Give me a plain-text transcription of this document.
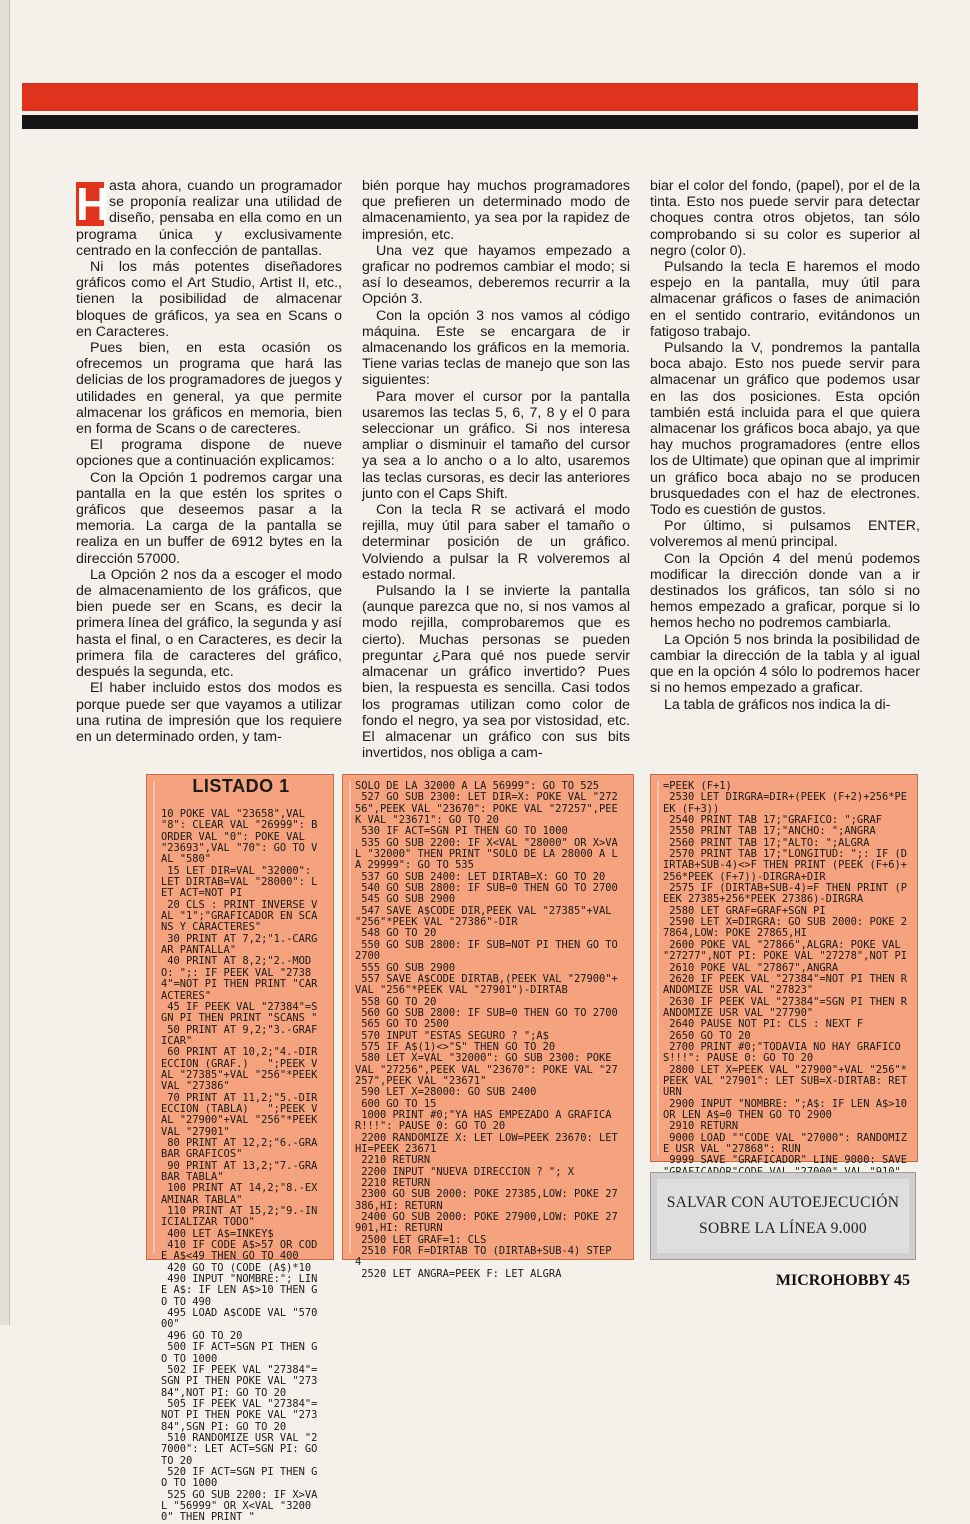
H asta ahora, cuando un programador se proponía realizar una utilidad de diseño, pensaba en ella como en un programa única y exclusivamente centrado en la confección de pantallas.

Ni los más potentes diseñadores gráficos como el Art Studio, Artist II, etc., tienen la posibilidad de almacenar bloques de gráficos, ya sea en Scans o en Caracteres.

Pues bien, en esta ocasión os ofrecemos un programa que hará las delicias de los programadores de juegos y utilidades en general, ya que permite almacenar los gráficos en memoria, bien en forma de Scans o de carecteres.

El programa dispone de nueve opciones que a continuación explicamos:

Con la Opción 1 podremos cargar una pantalla en la que estén los sprites o gráficos que deseemos pasar a la memoria. La carga de la pantalla se realiza en un buffer de 6912 bytes en la dirección 57000.

La Opción 2 nos da a escoger el modo de almacenamiento de los gráficos, que bien puede ser en Scans, es decir la primera línea del gráfico, la segunda y así hasta el final, o en Caracteres, es decir la primera fila de caracteres del gráfico, después la segunda, etc.

El haber incluido estos dos modos es porque puede ser que vayamos a utilizar una rutina de impresión que los requiere en un determinado orden, y tam-

bién porque hay muchos programadores que prefieren un determinado modo de almacenamiento, ya sea por la rapidez de impresión, etc.

Una vez que hayamos empezado a graficar no podremos cambiar el modo; si así lo deseamos, deberemos recurrir a la Opción 3.

Con la opción 3 nos vamos al código máquina. Este se encargara de ir almacenando los gráficos en la memoria. Tiene varias teclas de manejo que son las siguientes:

Para mover el cursor por la pantalla usaremos las teclas 5, 6, 7, 8 y el 0 para seleccionar un gráfico. Si nos interesa ampliar o disminuir el tamaño del cursor ya sea a lo ancho o a lo alto, usaremos las teclas cursoras, es decir las anteriores junto con el Caps Shift.

Con la tecla R se activará el modo rejilla, muy útil para saber el tamaño o determinar posición de un gráfico. Volviendo a pulsar la R volveremos al estado normal.

Pulsando la I se invierte la pantalla (aunque parezca que no, si nos vamos al modo rejilla, comprobaremos que es cierto). Muchas personas se pueden preguntar ¿Para qué nos puede servir almacenar un gráfico invertido? Pues bien, la respuesta es sencilla. Casi todos los programas utilizan como color de fondo el negro, ya sea por vistosidad, etc. El almacenar un gráfico con sus bits invertidos, nos obliga a cam-

biar el color del fondo, (papel), por el de la tinta. Esto nos puede servir para detectar choques contra otros objetos, tan sólo comprobando si su color es superior al negro (color 0).

Pulsando la tecla E haremos el modo espejo en la pantalla, muy útil para almacenar gráficos o fases de animación en el sentido contrario, evitándonos un fatigoso trabajo.

Pulsando la V, pondremos la pantalla boca abajo. Esto nos puede servir para almacenar un gráfico que podemos usar en las dos posiciones. Esta opción también está incluida para el que quiera almacenar los gráficos boca abajo, ya que hay muchos programadores (entre ellos los de Ultimate) que opinan que al imprimir un gráfico boca abajo no se producen brusquedades con el haz de electrones. Todo es cuestión de gustos.

Por último, si pulsamos ENTER, volveremos al menú principal.

Con la Opción 4 del menú podemos modificar la dirección donde van a ir destinados los gráficos, tan sólo si no hemos empezado a graficar, porque si lo hemos hecho no podremos cambiarla.

La Opción 5 nos brinda la posibilidad de cambiar la dirección de la tabla y al igual que en la opción 4 sólo lo podremos hacer si no hemos empezado a graficar.

La tabla de gráficos nos indica la di-

LISTADO 1
10 POKE VAL "23658",VAL "8": CLEAR VAL "26999": BORDER VAL "0": POKE VAL "23693",VAL "70": GO TO VAL "580"
15 LET DIR=VAL "32000": LET DIRTAB=VAL "28000": LET ACT=NOT PI
20 CLS : PRINT INVERSE VAL "1";"GRAFICADOR EN SCANS Y CARACTERES"
30 PRINT AT 7,2;"1.-CARGAR PANTALLA"
40 PRINT AT 8,2;"2.-MODO: ";: IF PEEK VAL "27384"=NOT PI THEN PRINT "CARACTERES"
45 IF PEEK VAL "27384"=SGN PI THEN PRINT "SCANS "
50 PRINT AT 9,2;"3.-GRAFICAR"
60 PRINT AT 10,2;"4.-DIRECCION (GRAF.)   ";PEEK VAL "27385"+VAL "256"*PEEK VAL "27386"
70 PRINT AT 11,2;"5.-DIRECCION (TABLA)   ";PEEK VAL "27900"+VAL "256"*PEEK VAL "27901"
80 PRINT AT 12,2;"6.-GRABAR GRAFICOS"
90 PRINT AT 13,2;"7.-GRABAR TABLA"
100 PRINT AT 14,2;"8.-EXAMINAR TABLA"
110 PRINT AT 15,2;"9.-INICIALIZAR TODO"
400 LET A$=INKEY$
410 IF CODE A$>57 OR CODE A$<49 THEN GO TO 400
420 GO TO (CODE (A$)*10
490 INPUT "NOMBRE:"; LINE A$: IF LEN A$>10 THEN GO TO 490
495 LOAD A$CODE VAL "57000"
496 GO TO 20
500 IF ACT=SGN PI THEN GO TO 1000
502 IF PEEK VAL "27384"=SGN PI THEN POKE VAL "27384",NOT PI: GO TO 20
505 IF PEEK VAL "27384"=NOT PI THEN POKE VAL "27384",SGN PI: GO TO 20
510 RANDOMIZE USR VAL "27000": LET ACT=SGN PI: GO TO 20
520 IF ACT=SGN PI THEN GO TO 1000
525 GO SUB 2200: IF X>VAL "56999" OR X<VAL "32000" THEN PRINT "
SOLO DE LA 32000 A LA 56999": GO TO 525
527 GO SUB 2300: LET DIR=X: POKE VAL "27256",PEEK VAL "23670": POKE VAL "27257",PEEK VAL "23671": GO TO 20
530 IF ACT=SGN PI THEN GO TO 1000
535 GO SUB 2200: IF X<VAL "28000" OR X>VAL "32000" THEN PRINT "SOLO DE LA 28000 A LA 29999": GO TO 535
537 GO SUB 2400: LET DIRTAB=X: GO TO 20
540 GO SUB 2800: IF SUB=0 THEN GO TO 2700
545 GO SUB 2900
547 SAVE A$CODE DIR,PEEK VAL "27385"+VAL "256"*PEEK VAL "27386"-DIR
548 GO TO 20
550 GO SUB 2800: IF SUB=NOT PI THEN GO TO 2700
555 GO SUB 2900
557 SAVE A$CODE DIRTAB,(PEEK VAL "27900"+VAL "256"*PEEK VAL "27901")-DIRTAB
558 GO TO 20
560 GO SUB 2800: IF SUB=0 THEN GO TO 2700
565 GO TO 2500
570 INPUT "ESTAS SEGURO ? ";A$
575 IF A$(1)<>"S" THEN GO TO 20
580 LET X=VAL "32000": GO SUB 2300: POKE VAL "27256",PEEK VAL "23670": POKE VAL "27257",PEEK VAL "23671"
590 LET X=28000: GO SUB 2400
600 GO TO 15
1000 PRINT #0;"YA HAS EMPEZADO A GRAFICAR!!!": PAUSE 0: GO TO 20
2200 RANDOMIZE X: LET LOW=PEEK 23670: LET HI=PEEK 23671
2210 RETURN
2200 INPUT "NUEVA DIRECCION ? "; X
2210 RETURN
2300 GO SUB 2000: POKE 27385,LOW: POKE 27386,HI: RETURN
2400 GO SUB 2000: POKE 27900,LOW: POKE 27901,HI: RETURN
2500 LET GRAF=1: CLS
2510 FOR F=DIRTAB TO (DIRTAB+SUB-4) STEP 4
2520 LET ANGRA=PEEK F: LET ALGRA
=PEEK (F+1)
2530 LET DIRGRA=DIR+(PEEK (F+2)+256*PEEK (F+3))
2540 PRINT TAB 17;"GRAFICO: ";GRAF
2550 PRINT TAB 17;"ANCHO: ";ANGRA
2560 PRINT TAB 17;"ALTO: ";ALGRA
2570 PRINT TAB 17;"LONGITUD: ";: IF (DIRTAB+SUB-4)<>F THEN PRINT (PEEK (F+6)+256*PEEK (F+7))-DIRGRA+DIR
2575 IF (DIRTAB+SUB-4)=F THEN PRINT (PEEK 27385+256*PEEK 27386)-DIRGRA
2580 LET GRAF=GRAF+SGN PI
2590 LET X=DIRGRA: GO SUB 2000: POKE 27864,LOW: POKE 27865,HI
2600 POKE VAL "27866",ALGRA: POKE VAL "27277",NOT PI: POKE VAL "27278",NOT PI
2610 POKE VAL "27867",ANGRA
2620 IF PEEK VAL "27384"=NOT PI THEN RANDOMIZE USR VAL "27823"
2630 IF PEEK VAL "27384"=SGN PI THEN RANDOMIZE USR VAL "27790"
2640 PAUSE NOT PI: CLS : NEXT F
2650 GO TO 20
2700 PRINT #0;"TODAVIA NO HAY GRAFICOS!!!": PAUSE 0: GO TO 20
2800 LET X=PEEK VAL "27900"+VAL "256"*PEEK VAL "27901": LET SUB=X-DIRTAB: RETURN
2900 INPUT "NOMBRE: ";A$: IF LEN A$>10 OR LEN A$=0 THEN GO TO 2900
2910 RETURN
9000 LOAD ""CODE VAL "27000": RANDOMIZE USR VAL "27868": RUN
9999 SAVE "GRAFICADOR" LINE 9000: SAVE
SALVAR CON AUTOEJECUCIÓN
SOBRE LA LÍNEA 9.000
MICROHOBBY 45
